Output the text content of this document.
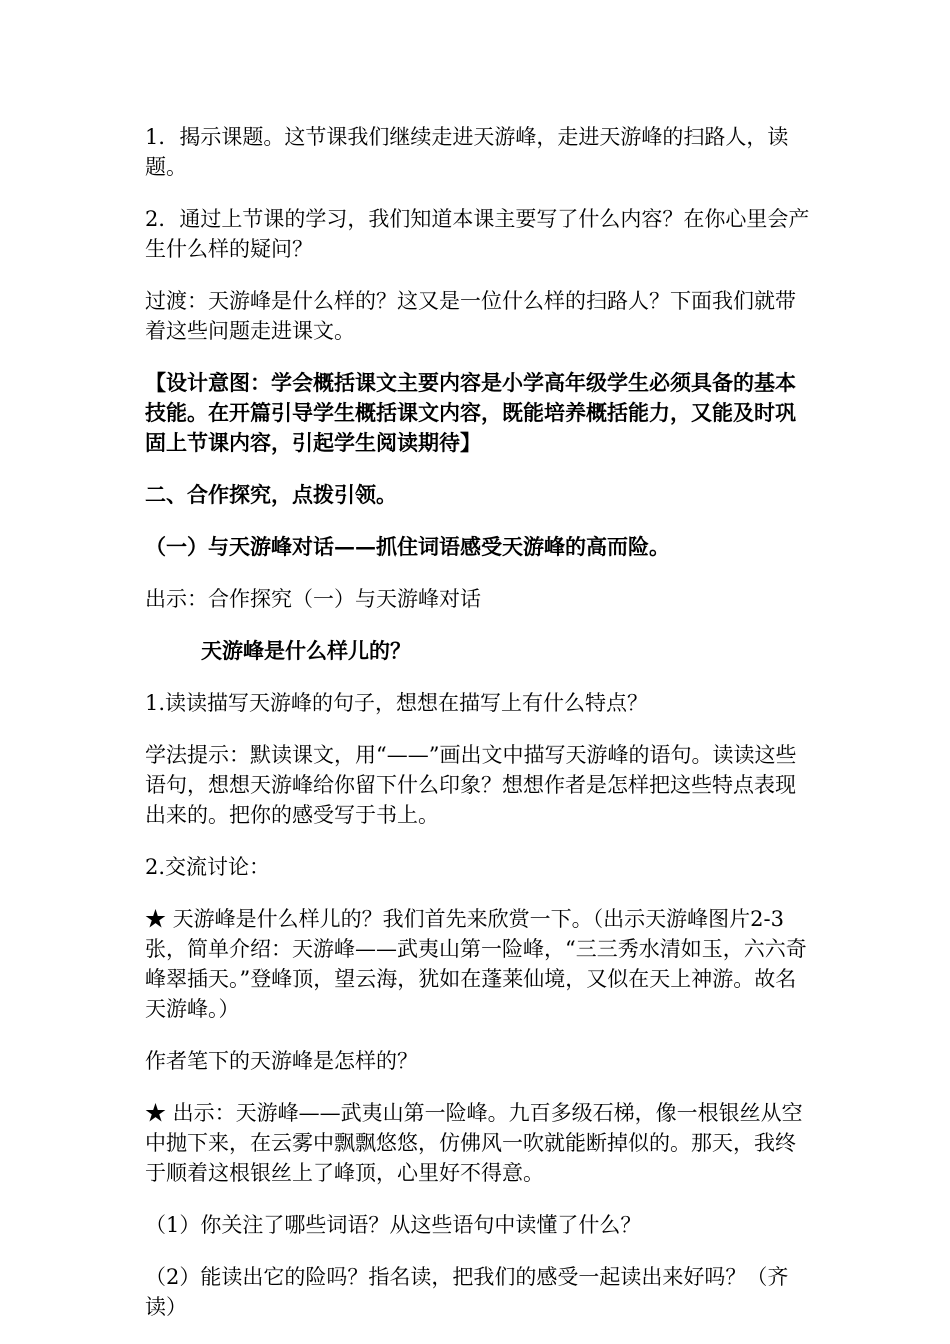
1．揭示课题。这节课我们继续走进天游峰，走进天游峰的扫路人，读题。

2．通过上节课的学习，我们知道本课主要写了什么内容？在你心里会产生什么样的疑问？

过渡：天游峰是什么样的？这又是一位什么样的扫路人？下面我们就带着这些问题走进课文。

【设计意图：学会概括课文主要内容是小学高年级学生必须具备的基本技能。在开篇引导学生概括课文内容，既能培养概括能力，又能及时巩固上节课内容，引起学生阅读期待】

二、合作探究，点拨引领。

（一）与天游峰对话——抓住词语感受天游峰的高而险。

出示：合作探究（一）与天游峰对话

天游峰是什么样儿的？

1.读读描写天游峰的句子，想想在描写上有什么特点？

学法提示：默读课文，用“——”画出文中描写天游峰的语句。读读这些语句，想想天游峰给你留下什么印象？想想作者是怎样把这些特点表现出来的。把你的感受写于书上。

2.交流讨论：

★ 天游峰是什么样儿的？我们首先来欣赏一下。（出示天游峰图片2-3张，简单介绍：天游峰——武夷山第一险峰，“三三秀水清如玉，六六奇峰翠插天。”登峰顶，望云海，犹如在蓬莱仙境，又似在天上神游。故名天游峰。）

作者笔下的天游峰是怎样的？

★ 出示：天游峰——武夷山第一险峰。九百多级石梯，像一根银丝从空中抛下来，在云雾中飘飘悠悠，仿佛风一吹就能断掉似的。那天，我终于顺着这根银丝上了峰顶，心里好不得意。

（1）你关注了哪些词语？从这些语句中读懂了什么？

（2）能读出它的险吗？指名读，把我们的感受一起读出来好吗？（齐读）
